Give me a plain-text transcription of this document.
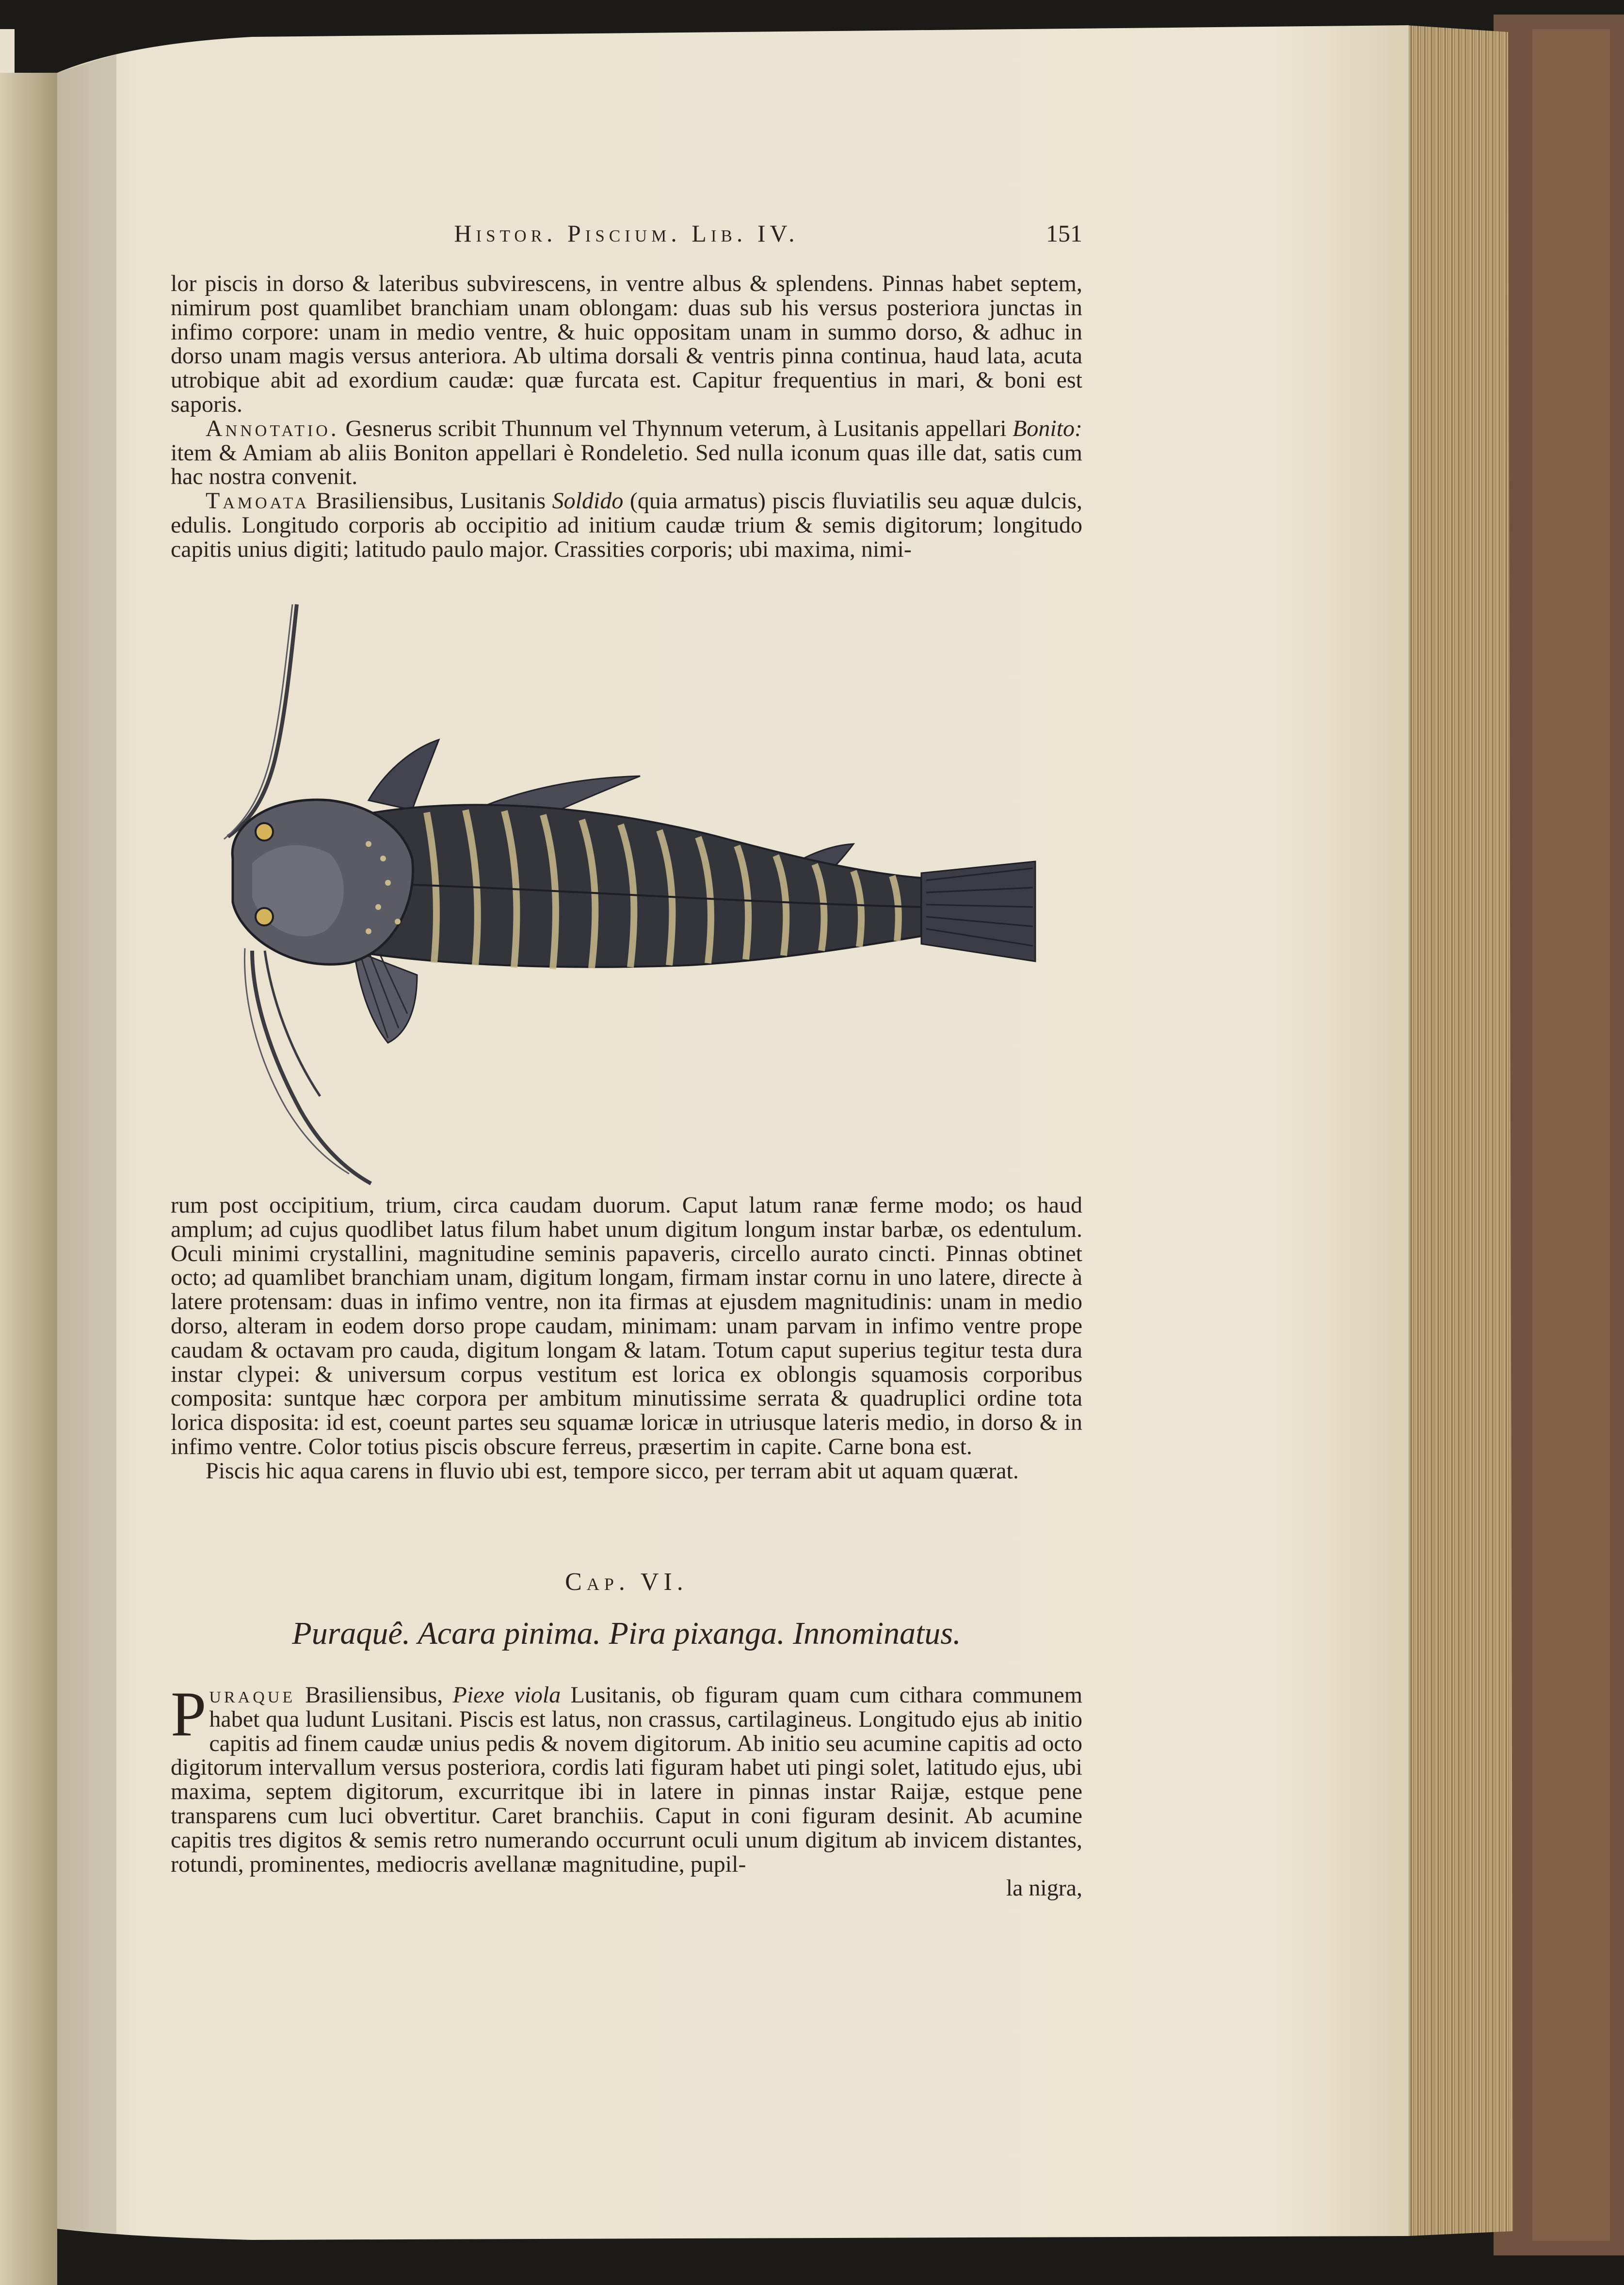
Histor. Piscium. Lib. IV.	151

lor piscis in dorso & lateribus subvirescens, in ventre albus & splendens. Pinnas habet septem, nimirum post quamlibet branchiam unam oblongam: duas sub his versus posteriora junctas in infimo corpore: unam in medio ventre, & huic oppositam unam in summo dorso, & adhuc in dorso unam magis versus anteriora. Ab ultima dorsali & ventris pinna continua, haud lata, acuta utrobique abit ad exordium caudæ: quæ furcata est. Capitur frequentius in mari, & boni est saporis.

Annotatio. Gesnerus scribit Thunnum vel Thynnum veterum, à Lusitanis appellari Bonito: item & Amiam ab aliis Boniton appellari è Rondeletio. Sed nulla iconum quas ille dat, satis cum hac nostra convenit.

Tamoata Brasiliensibus, Lusitanis Soldido (quia armatus) piscis fluviatilis seu aquæ dulcis, edulis. Longitudo corporis ab occipitio ad initium caudæ trium & semis digitorum; longitudo capitis unius digiti; latitudo paulo major. Crassities corporis; ubi maxima, nimi-

rum post occipitium, trium, circa caudam duorum. Caput latum ranæ ferme modo; os haud amplum; ad cujus quodlibet latus filum habet unum digitum longum instar barbæ, os edentulum. Oculi minimi crystallini, magnitudine seminis papaveris, circello aurato cincti. Pinnas obtinet octo; ad quamlibet branchiam unam, digitum longam, firmam instar cornu in uno latere, directe à latere protensam: duas in infimo ventre, non ita firmas at ejusdem magnitudinis: unam in medio dorso, alteram in eodem dorso prope caudam, minimam: unam parvam in infimo ventre prope caudam & octavam pro cauda, digitum longam & latam. Totum caput superius tegitur testa dura instar clypei: & universum corpus vestitum est lorica ex oblongis squamosis corporibus composita: suntque hæc corpora per ambitum minutissime serrata & quadruplici ordine tota lorica disposita: id est, coeunt partes seu squamæ loricæ in utriusque lateris medio, in dorso & in infimo ventre. Color totius piscis obscure ferreus, præsertim in capite. Carne bona est.

Piscis hic aqua carens in fluvio ubi est, tempore sicco, per terram abit ut aquam quærat.

Cap. VI.

Puraquê. Acara pinima. Pira pixanga. Innominatus.

Puraque Brasiliensibus, Piexe viola Lusitanis, ob figuram quam cum cithara communem habet qua ludunt Lusitani. Piscis est latus, non crassus, cartilagineus. Longitudo ejus ab initio capitis ad finem caudæ unius pedis & novem digitorum. Ab initio seu acumine capitis ad octo digitorum intervallum versus posteriora, cordis lati figuram habet uti pingi solet, latitudo ejus, ubi maxima, septem digitorum, excurritque ibi in latere in pinnas instar Raijæ, estque pene transparens cum luci obvertitur. Caret branchiis. Caput in coni figuram desinit. Ab acumine capitis tres digitos & semis retro numerando occurrunt oculi unum digitum ab invicem distantes, rotundi, prominentes, mediocris avellanæ magnitudine, pupil-

la nigra,
